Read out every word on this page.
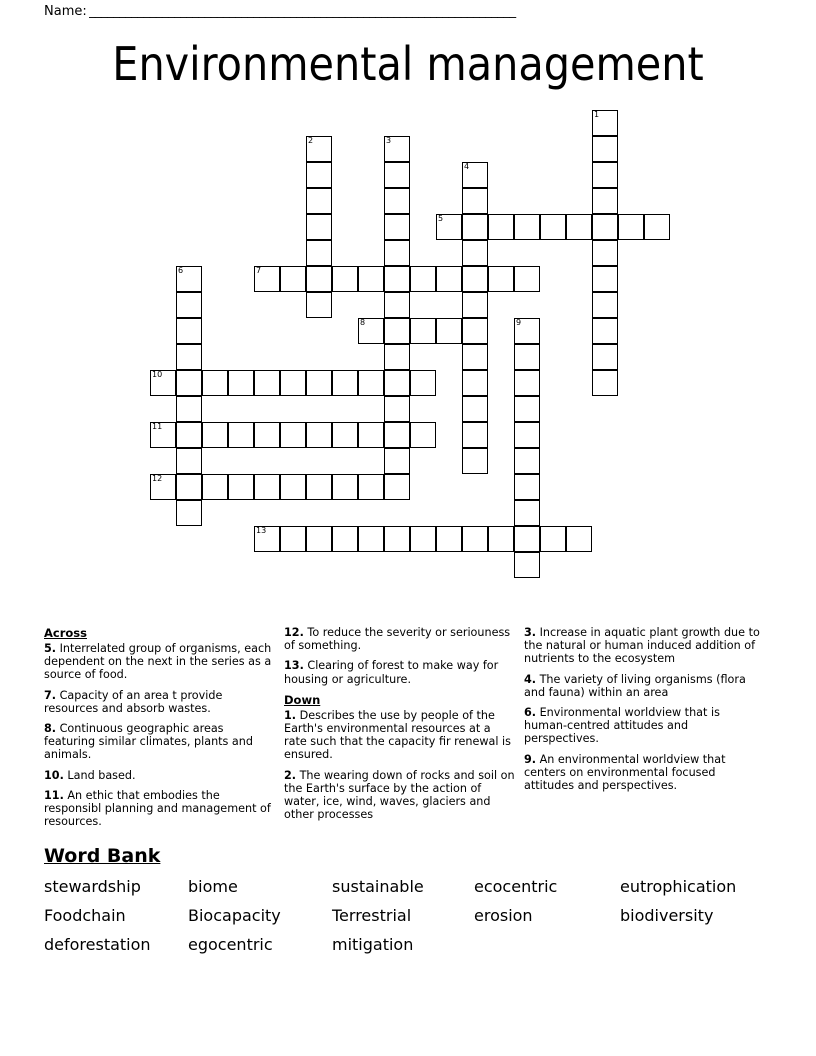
Name: ______________________________________________________________________
Environmental management
1
2	3
4
5
6	7
8	9
10
11
12
13
Across

5. Interrelated group of organisms, each dependent on the next in the series as a source of food.

7. Capacity of an area t provide resources and absorb wastes.

8. Continuous geographic areas featuring similar climates, plants and animals.

10. Land based.

11. An ethic that embodies the responsibl planning and management of resources.

12. To reduce the severity or seriouness of something.

13. Clearing of forest to make way for housing or agriculture.

Down

1. Describes the use by people of the Earth's environmental resources at a rate such that the capacity fir renewal is ensured.

2. The wearing down of rocks and soil on the Earth's surface by the action of water, ice, wind, waves, glaciers and other processes

3. Increase in aquatic plant growth due to the natural or human induced addition of nutrients to the ecosystem

4. The variety of living organisms (flora and fauna) within an area

6. Environmental worldview that is human-centred attitudes and perspectives.

9. An environmental worldview that centers on environmental focused attitudes and perspectives.

Word Bank
stewardship	biome	sustainable	ecocentric	eutrophication
Foodchain	Biocapacity	Terrestrial	erosion	biodiversity
deforestation	egocentric	mitigation
